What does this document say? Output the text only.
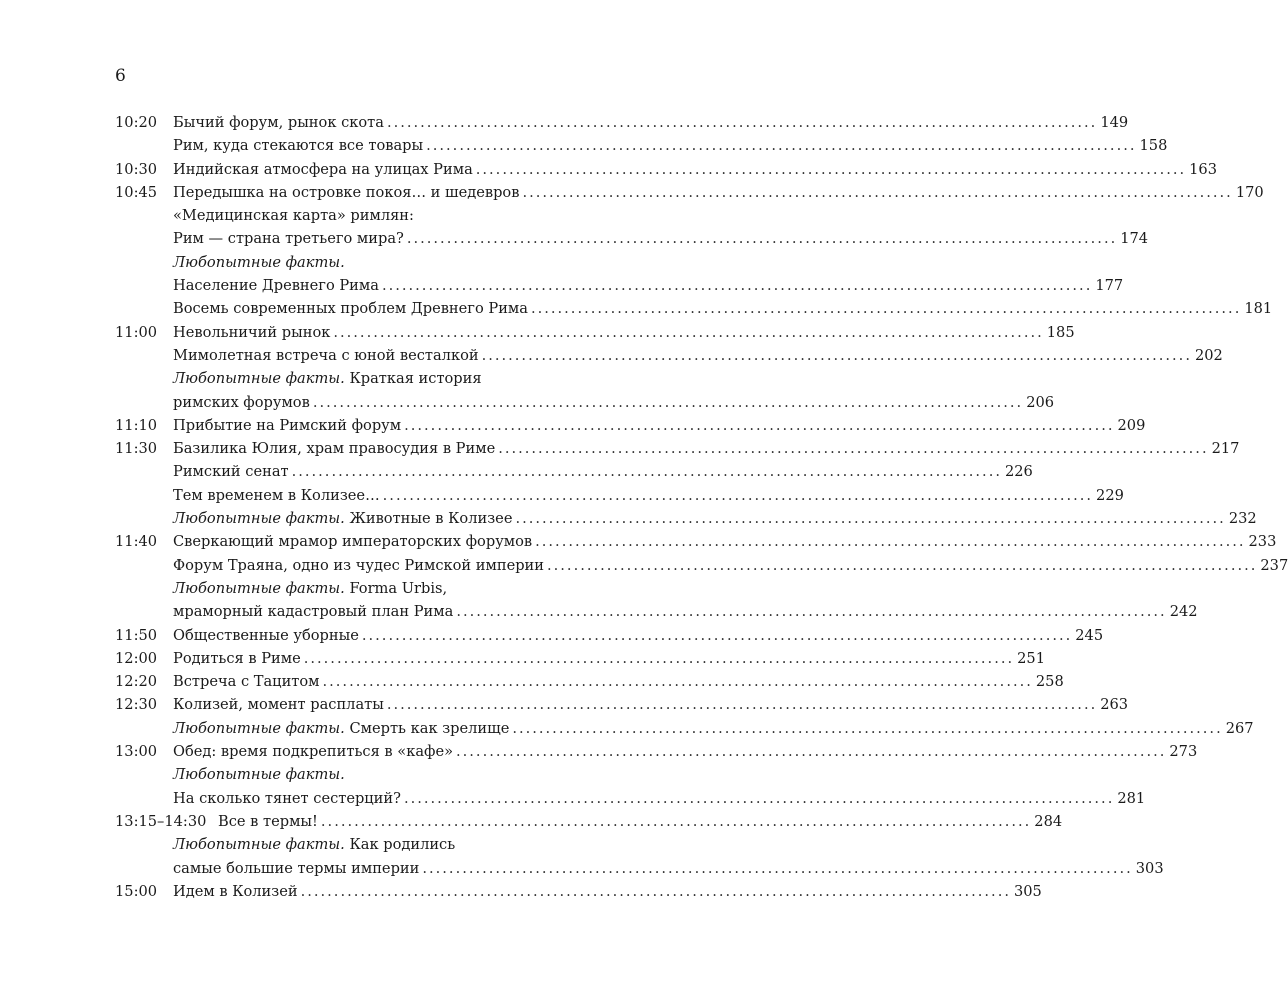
6
10:20 Бычий форум, рынок скота ........................................................................................................... 149
Рим, куда стекаются все товары ........................................................................................................... 158
10:30 Индийская атмосфера на улицах Рима ........................................................................................................... 163
10:45 Передышка на островке покоя… и шедевров ........................................................................................................... 170
«Медицинская карта» римлян:
Рим — страна третьего мира? ........................................................................................................... 174
Любопытные факты.
Население Древнего Рима ........................................................................................................... 177
Восемь современных проблем Древнего Рима ........................................................................................................... 181
11:00 Невольничий рынок ........................................................................................................... 185
Мимолетная встреча с юной весталкой ........................................................................................................... 202
Любопытные факты. Краткая история
римских форумов ........................................................................................................... 206
11:10 Прибытие на Римский форум ........................................................................................................... 209
11:30 Базилика Юлия, храм правосудия в Риме ........................................................................................................... 217
Римский сенат ........................................................................................................... 226
Тем временем в Колизее… ........................................................................................................... 229
Любопытные факты. Животные в Колизее ........................................................................................................... 232
11:40 Сверкающий мрамор императорских форумов ........................................................................................................... 233
Форум Траяна, одно из чудес Римской империи ........................................................................................................... 237
Любопытные факты. Forma Urbis,
мраморный кадастровый план Рима ........................................................................................................... 242
11:50 Общественные уборные ........................................................................................................... 245
12:00 Родиться в Риме ........................................................................................................... 251
12:20 Встреча с Тацитом ........................................................................................................... 258
12:30 Колизей, момент расплаты ........................................................................................................... 263
Любопытные факты. Смерть как зрелище ........................................................................................................... 267
13:00 Обед: время подкрепиться в «кафе» ........................................................................................................... 273
Любопытные факты.
На сколько тянет сестерций? ........................................................................................................... 281
13:15–14:30 Все в термы! ........................................................................................................... 284
Любопытные факты. Как родились
самые большие термы империи ........................................................................................................... 303
15:00 Идем в Колизей ........................................................................................................... 305
